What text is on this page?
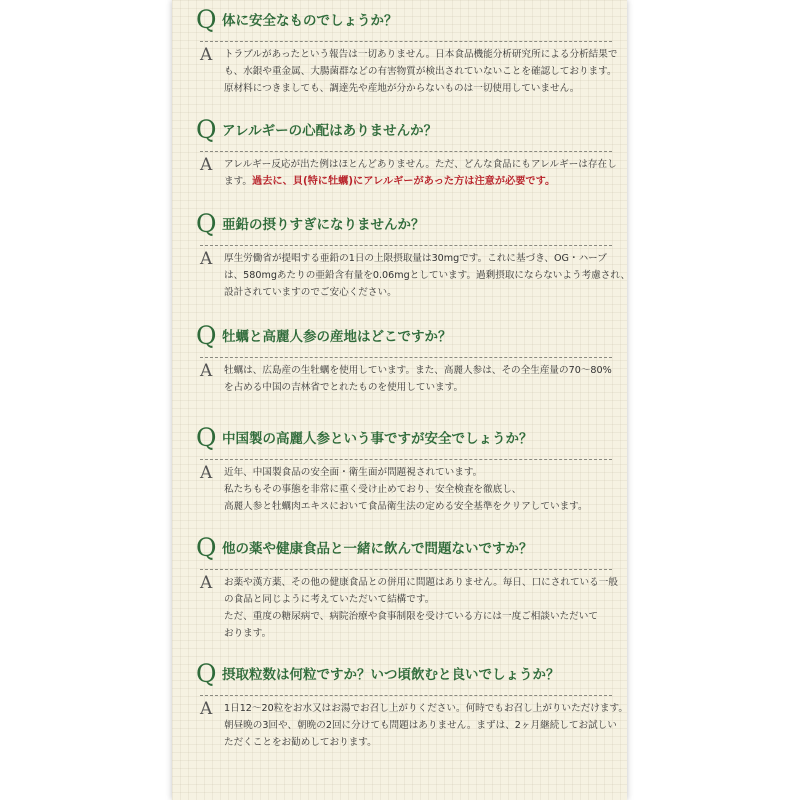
Q 体に安全なものでしょうか？
A トラブルがあったという報告は一切ありません。日本食品機能分析研究所による分析結果で
も、水銀や重金属、大腸菌群などの有害物質が検出されていないことを確認しております。
原材料につきましても、調達先や産地が分からないものは一切使用していません。
Q アレルギーの心配はありませんか？
A アレルギー反応が出た例はほとんどありません。ただ、どんな食品にもアレルギーは存在し
ます。過去に、貝(特に牡蠣)にアレルギーがあった方は注意が必要です。
Q 亜鉛の摂りすぎになりませんか？
A 厚生労働省が提唱する亜鉛の1日の上限摂取量は30mgです。これに基づき、OG・ハーブ
は、580mgあたりの亜鉛含有量を0.06mgとしています。過剰摂取にならないよう考慮され、
設計されていますのでご安心ください。
Q 牡蠣と高麗人参の産地はどこですか？
A 牡蠣は、広島産の生牡蠣を使用しています。また、高麗人参は、その全生産量の70～80%
を占める中国の吉林省でとれたものを使用しています。
Q 中国製の高麗人参という事ですが安全でしょうか？
A 近年、中国製食品の安全面・衛生面が問題視されています。
私たちもその事態を非常に重く受け止めており、安全検査を徹底し、
高麗人参と牡蠣肉エキスにおいて食品衛生法の定める安全基準をクリアしています。
Q 他の薬や健康食品と一緒に飲んで問題ないですか？
A お薬や漢方薬、その他の健康食品との併用に問題はありません。毎日、口にされている一般
の食品と同じように考えていただいて結構です。
ただ、重度の糖尿病で、病院治療や食事制限を受けている方には一度ご相談いただいて
おります。
Q 摂取粒数は何粒ですか？いつ頃飲むと良いでしょうか？
A 1日12～20粒をお水又はお湯でお召し上がりください。何時でもお召し上がりいただけます。
朝昼晩の3回や、朝晩の2回に分けても問題はありません。まずは、2ヶ月継続してお試しい
ただくことをお勧めしております。
